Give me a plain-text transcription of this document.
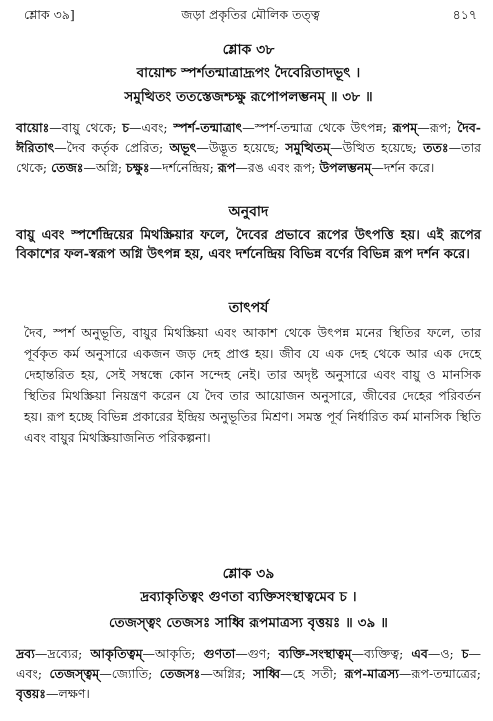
শ্লোক ৩৯]	জড়া প্রকৃতির মৌলিক তত্ত্ব	৪১৭
শ্লোক ৩৮
বায়োশ্চ স্পর্শতন্মাত্রাদ্রূপং দৈবেরিতাদভূৎ ।
সমুত্থিতং ততস্তেজশ্চক্ষু রূপোপলম্ভনম্ ॥ ৩৮ ॥
বায়োঃ—বায়ু থেকে; চ—এবং; স্পর্শ-তন্মাত্রাৎ—স্পর্শ-তন্মাত্র থেকে উৎপন্ন; রূপম্—রূপ; দৈব-ঈরিতাৎ—দৈব কর্তৃক প্রেরিত; অভূৎ—উদ্ভূত হয়েছে; সমুত্থিতম্—উত্থিত হয়েছে; ততঃ—তার থেকে; তেজঃ—অগ্নি; চক্ষুঃ—দর্শনেন্দ্রিয়; রূপ—রঙ এবং রূপ; উপলম্ভনম্—দর্শন করে।
অনুবাদ
বায়ু এবং স্পর্শেন্দ্রিয়ের মিথস্ক্রিয়ার ফলে, দৈবের প্রভাবে রূপের উৎপত্তি হয়। এই রূপের বিকাশের ফল-স্বরূপ অগ্নি উৎপন্ন হয়, এবং দর্শনেন্দ্রিয় বিভিন্ন বর্ণের বিভিন্ন রূপ দর্শন করে।
তাৎপর্য
দৈব, স্পর্শ অনুভূতি, বায়ুর মিথস্ক্রিয়া এবং আকাশ থেকে উৎপন্ন মনের স্থিতির ফলে, তার পূর্বকৃত কর্ম অনুসারে একজন জড় দেহ প্রাপ্ত হয়। জীব যে এক দেহ থেকে আর এক দেহে দেহান্তরিত হয়, সেই সম্বন্ধে কোন সন্দেহ নেই। তার অদৃষ্ট অনুসারে এবং বায়ু ও মানসিক স্থিতির মিথস্ক্রিয়া নিয়ন্ত্রণ করেন যে দৈব তার আয়োজন অনুসারে, জীবের দেহের পরিবর্তন হয়। রূপ হচ্ছে বিভিন্ন প্রকারের ইন্দ্রিয় অনুভূতির মিশ্রণ। সমস্ত পূর্ব নির্ধারিত কর্ম মানসিক স্থিতি এবং বায়ুর মিথস্ক্রিয়াজনিত পরিকল্পনা।
শ্লোক ৩৯
দ্রব্যাকৃতিত্বং গুণতা ব্যক্তিসংস্থাত্বমেব চ ।
তেজস্ত্বং তেজসঃ সাধ্বি রূপমাত্রস্য বৃত্তয়ঃ ॥ ৩৯ ॥
দ্রব্য—দ্রব্যের; আকৃতিত্বম্—আকৃতি; গুণতা—গুণ; ব্যক্তি-সংস্থাত্বম্—ব্যক্তিত্ব; এব—ও; চ—এবং; তেজস্ত্বম্—জ্যোতি; তেজসঃ—অগ্নির; সাধ্বি—হে সতী; রূপ-মাত্রস্য—রূপ-তন্মাত্রের; বৃত্তয়ঃ—লক্ষণ।
